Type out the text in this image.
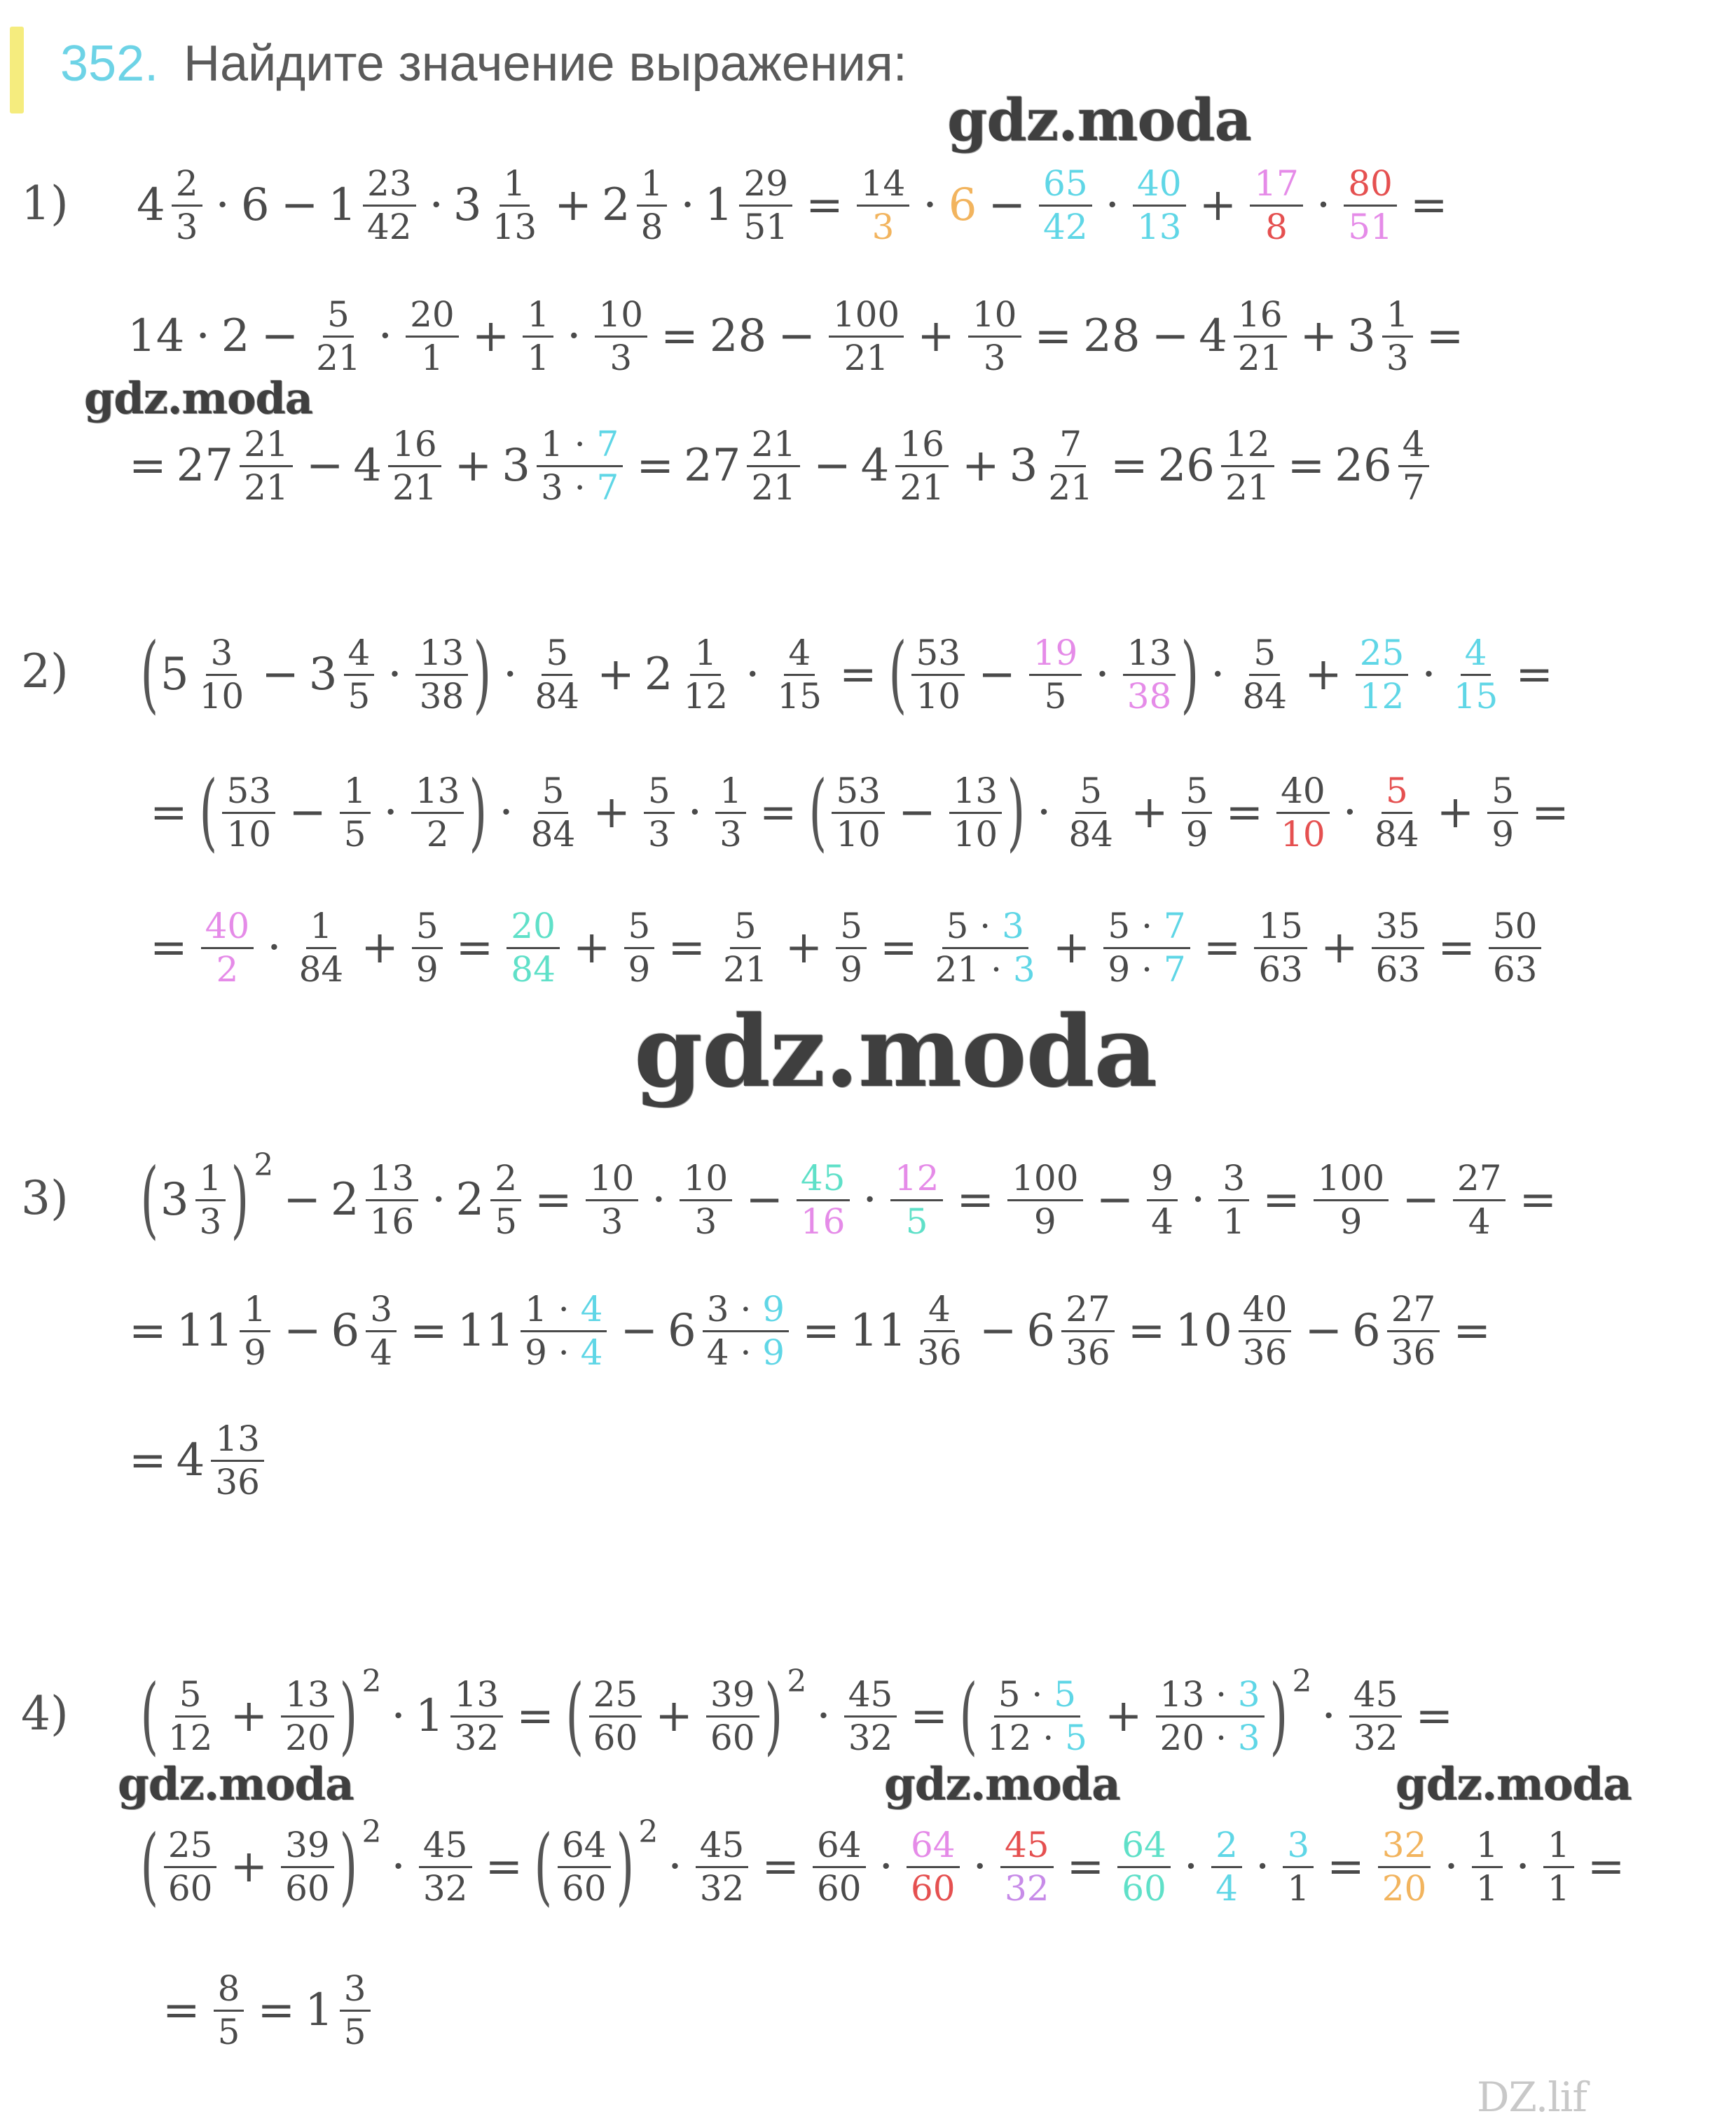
352. Найдите значение выражения:
gdz.moda
gdz.moda
gdz.moda
gdz.moda	gdz.moda	gdz.moda
DZ.lif
1)
2)
3)
4)
$4 \frac{2}{3} \cdot 6 - 1 \frac{23}{42} \cdot 3 \frac{1}{13} + 2 \frac{1}{8} \cdot 1 \frac{29}{51} = \frac{14}{3} \cdot 6 - \frac{65}{42} \cdot \frac{40}{13} + \frac{17}{8} \cdot \frac{80}{51}$ =
$14 \cdot 2 - \frac{5}{21} \cdot \frac{20}{1} + \frac{1}{1} \cdot \frac{10}{3} = 28 - \frac{100}{21} + \frac{10}{3} = 28 - 4 \frac{16}{21} + 3 \frac{1}{3}$ =
= $27 \frac{21}{21} - 4 \frac{16}{21} + 3 \frac{1 \cdot 7}{3 \cdot 7} = 27 \frac{21}{21} - 4 \frac{16}{21} + 3 \frac{7}{21} = 26 \frac{12}{21} = 26 \frac{4}{7}$
( $5 \frac{3}{10} - 3 \frac{4}{5} \cdot \frac{13}{38}$ ) · $\frac{5}{84} + 2 \frac{1}{12} \cdot \frac{4}{15}$ = ( $\frac{53}{10} - \frac{19}{5} \cdot \frac{13}{38}$ ) · $\frac{5}{84} + \frac{25}{12} \cdot \frac{4}{15}$ =
= ( $\frac{53}{10} - \frac{1}{5} \cdot \frac{13}{2}$ ) · $\frac{5}{84} + \frac{5}{3} \cdot \frac{1}{3}$ = ( $\frac{53}{10} - \frac{13}{10}$ ) · $\frac{5}{84} + \frac{5}{9} = \frac{40}{10} \cdot \frac{5}{84} + \frac{5}{9}$ =
= $\frac{40}{2} \cdot \frac{1}{84} + \frac{5}{9} = \frac{20}{84} + \frac{5}{9} = \frac{5}{21} + \frac{5}{9} = \frac{5 \cdot 3}{21 \cdot 3} + \frac{5 \cdot 7}{9 \cdot 7} = \frac{15}{63} + \frac{35}{63} = \frac{50}{63}$
( $3 \frac{1}{3}$ ) 2
− $2 \frac{13}{16} \cdot 2 \frac{2}{5} = \frac{10}{3} \cdot \frac{10}{3} - \frac{45}{16} \cdot \frac{12}{5} = \frac{100}{9} - \frac{9}{4} \cdot \frac{3}{1} = \frac{100}{9} - \frac{27}{4}$ =
= $11 \frac{1}{9} - 6 \frac{3}{4} = 11 \frac{1 \cdot 4}{9 \cdot 4} - 6 \frac{3 \cdot 9}{4 \cdot 9} = 11 \frac{4}{36} - 6 \frac{27}{36} = 10 \frac{40}{36} - 6 \frac{27}{36}$ =
= $4 \frac{13}{36}$
( $\frac{5}{12} + \frac{13}{20}$ ) 2
· $1 \frac{13}{32}$ = ( $\frac{25}{60} + \frac{39}{60}$ ) 2
· $\frac{45}{32}$ = ( $\frac{5 \cdot 5}{12 \cdot 5} + \frac{13 \cdot 3}{20 \cdot 3}$ ) 2
· $\frac{45}{32}$ =
( $\frac{25}{60} + \frac{39}{60}$ ) 2
· $\frac{45}{32}$ = ( $\frac{64}{60}$ ) 2
· $\frac{45}{32} = \frac{64}{60} \cdot \frac{64}{60} \cdot \frac{45}{32} = \frac{64}{60} \cdot \frac{2}{4} \cdot \frac{3}{1} = \frac{32}{20} \cdot \frac{1}{1} \cdot \frac{1}{1}$ =
= $\frac{8}{5} = 1 \frac{3}{5}$
